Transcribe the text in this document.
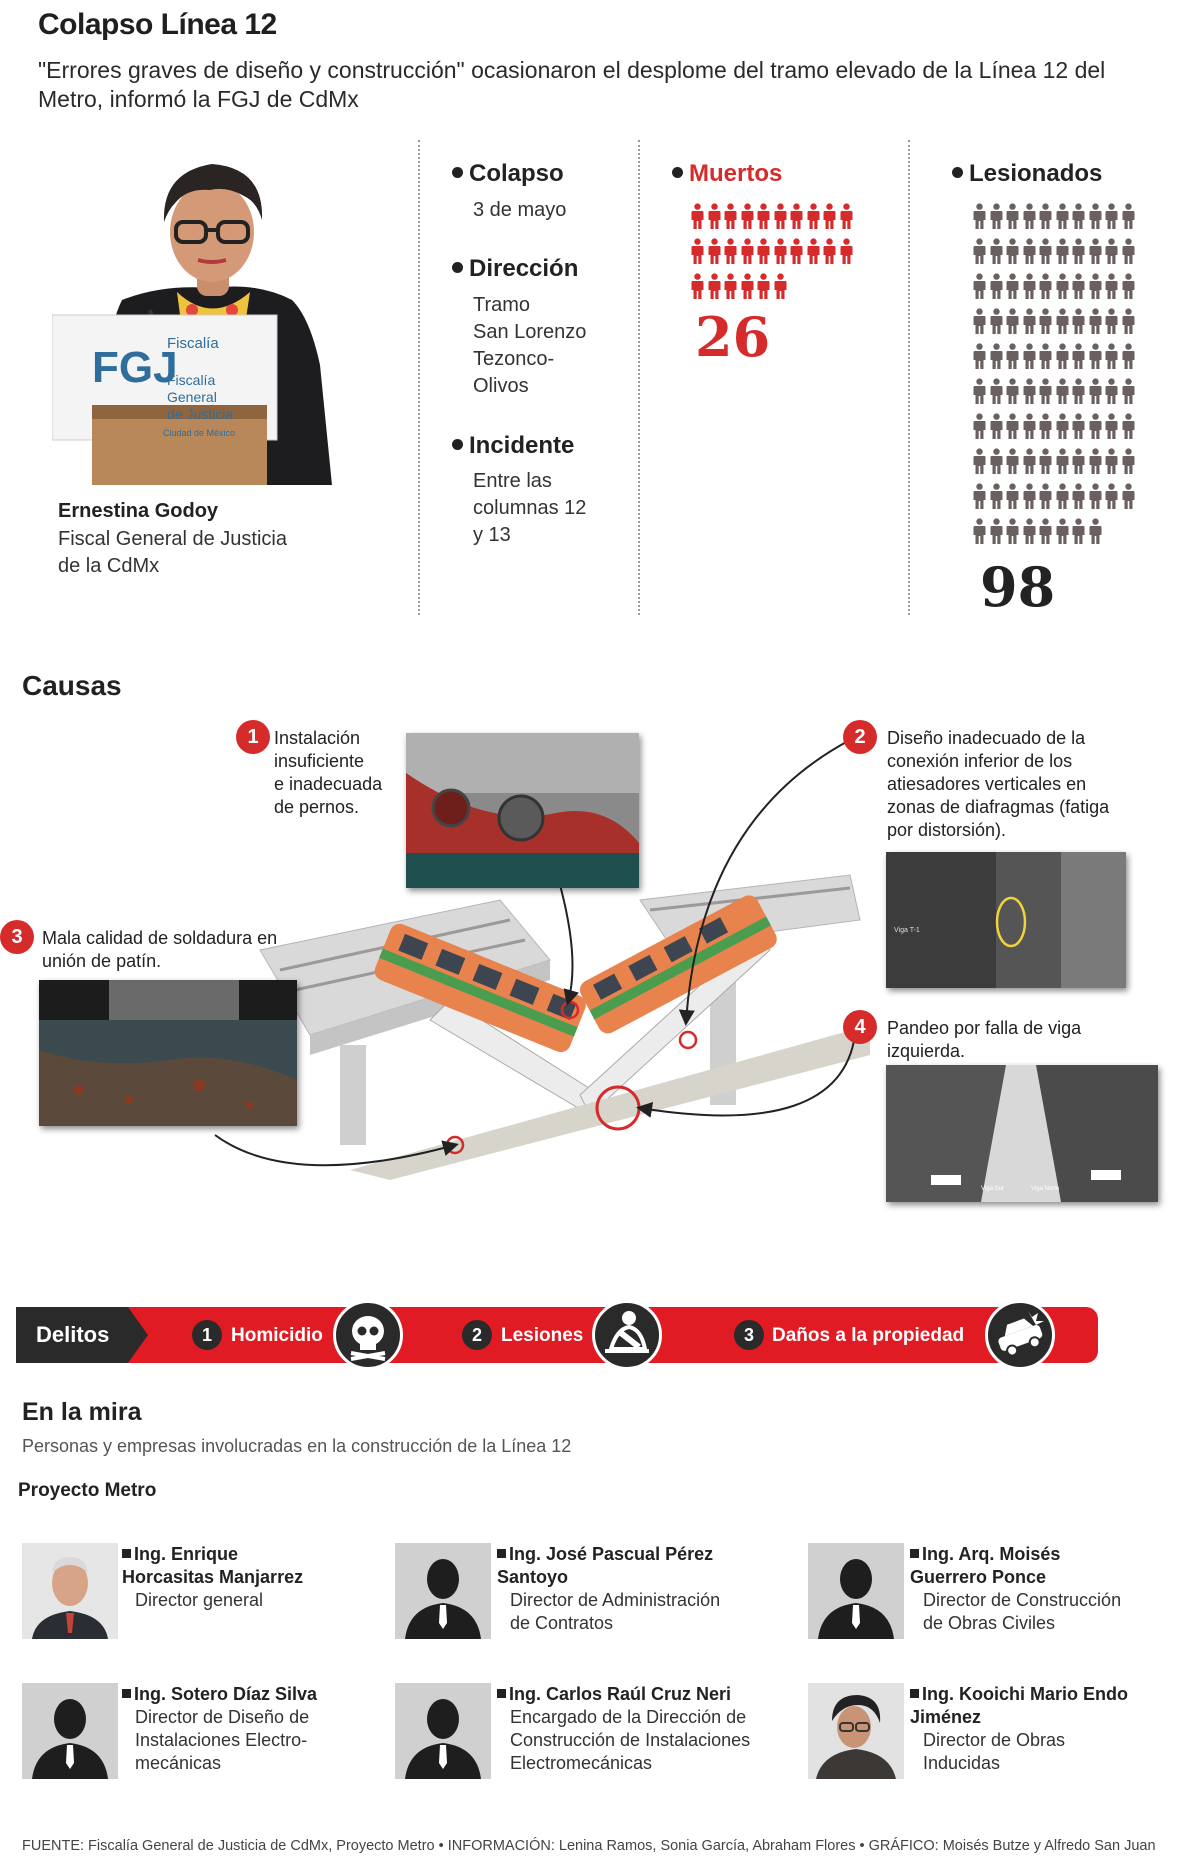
Colapso Línea 12
"Errores graves de diseño y construcción" ocasionaron el desplome del tramo elevado de la Línea 12 del Metro, informó la FGJ de CdMx
FGJ
Fiscalía
Ernestina Godoy
Fiscal General de Justicia
de la CdMx
Fiscalía
General
de Justicia
Ciudad de México
Colapso
3 de mayo
Dirección
Tramo
San Lorenzo
Tezonco-
Olivos
Incidente
Entre las
columnas 12
y 13
Muertos
26
Lesionados
98
Causas
1 Instalación
insuficiente
e inadecuada
de pernos.
2	Diseño inadecuado de la
conexión inferior de los
atiesadores verticales en
zonas de diafragmas (fatiga
por distorsión).
Viga T-1
3	Mala calidad de soldadura en
unión de patín.
4	Pandeo por falla de viga
izquierda.
Viga Sur	Viga Norte
Delitos	1	Homicidio	2	Lesiones	3 Daños a la propiedad
En la mira
Personas y empresas involucradas en la construcción de la Línea 12
Proyecto Metro
Ing. Enrique
Horcasitas Manjarrez
Director general
Ing. José Pascual Pérez
Santoyo
Director de Administración
de Contratos
Ing. Arq. Moisés
Guerrero Ponce
Director de Construcción
de Obras Civiles
Ing. Sotero Díaz Silva
Director de Diseño de
Instalaciones Electro-
mecánicas
Ing. Carlos Raúl Cruz Neri
Encargado de la Dirección de
Construcción de Instalaciones
Electromecánicas
Ing. Kooichi Mario Endo
Jiménez
Director de Obras
Inducidas
FUENTE: Fiscalía General de Justicia de CdMx, Proyecto Metro • INFORMACIÓN: Lenina Ramos, Sonia García, Abraham Flores • GRÁFICO: Moisés Butze y Alfredo San Juan
